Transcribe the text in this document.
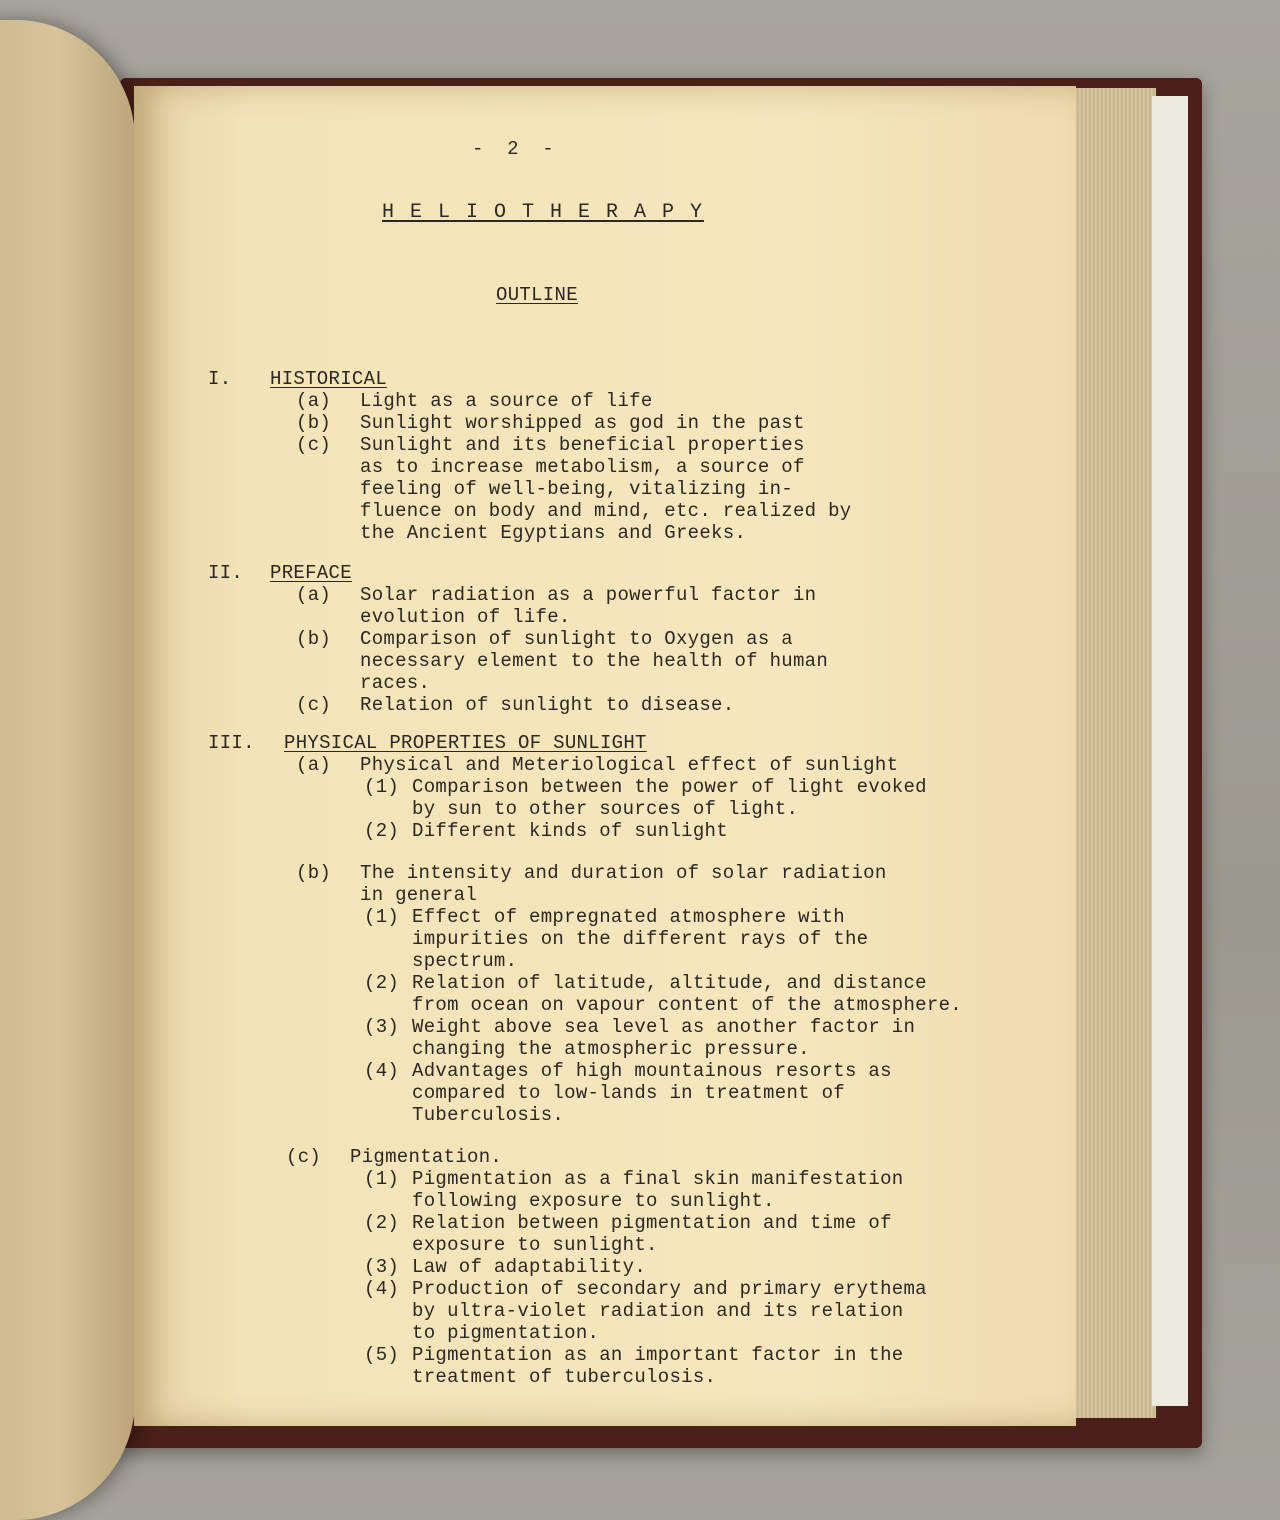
-  2  -
H E L I O T H E R A P Y
OUTLINE
I. HISTORICAL
(a) Light as a source of life
(b) Sunlight worshipped as god in the past
(c) Sunlight and its beneficial properties
as to increase metabolism, a source of
feeling of well-being, vitalizing in-
fluence on body and mind, etc. realized by
the Ancient Egyptians and Greeks.
II. PREFACE
(a) Solar radiation as a powerful factor in
evolution of life.
(b) Comparison of sunlight to Oxygen as a
necessary element to the health of human
races.
(c) Relation of sunlight to disease.
III. PHYSICAL PROPERTIES OF SUNLIGHT
(a) Physical and Meteriological effect of sunlight
(1) Comparison between the power of light evoked
by sun to other sources of light.
(2) Different kinds of sunlight
(b) The intensity and duration of solar radiation
in general
(1) Effect of empregnated atmosphere with
impurities on the different rays of the
spectrum.
(2) Relation of latitude, altitude, and distance
from ocean on vapour content of the atmosphere.
(3) Weight above sea level as another factor in
changing the atmospheric pressure.
(4) Advantages of high mountainous resorts as
compared to low-lands in treatment of
Tuberculosis.
(c) Pigmentation.
(1) Pigmentation as a final skin manifestation
following exposure to sunlight.
(2) Relation between pigmentation and time of
exposure to sunlight.
(3) Law of adaptability.
(4) Production of secondary and primary erythema
by ultra-violet radiation and its relation
to pigmentation.
(5) Pigmentation as an important factor in the
treatment of tuberculosis.
